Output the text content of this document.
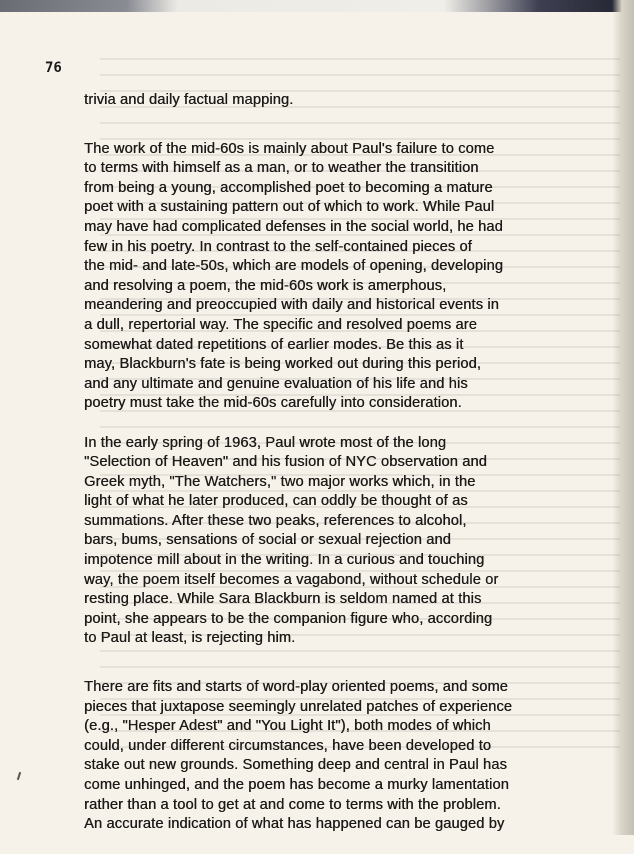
76

trivia and daily factual mapping.

The work of the mid-60s is mainly about Paul's failure to come
to terms with himself as a man, or to weather the transitition
from being a young, accomplished poet to becoming a mature
poet with a sustaining pattern out of which to work. While Paul
may have had complicated defenses in the social world, he had
few in his poetry. In contrast to the self-contained pieces of
the mid- and late-50s, which are models of opening, developing
and resolving a poem, the mid-60s work is amerphous,
meandering and preoccupied with daily and historical events in
a dull, repertorial way. The specific and resolved poems are
somewhat dated repetitions of earlier modes. Be this as it
may, Blackburn's fate is being worked out during this period,
and any ultimate and genuine evaluation of his life and his
poetry must take the mid-60s carefully into consideration.

In the early spring of 1963, Paul wrote most of the long
"Selection of Heaven" and his fusion of NYC observation and
Greek myth, "The Watchers," two major works which, in the
light of what he later produced, can oddly be thought of as
summations. After these two peaks, references to alcohol,
bars, bums, sensations of social or sexual rejection and
impotence mill about in the writing. In a curious and touching
way, the poem itself becomes a vagabond, without schedule or
resting place. While Sara Blackburn is seldom named at this
point, she appears to be the companion figure who, according
to Paul at least, is rejecting him.

There are fits and starts of word-play oriented poems, and some
pieces that juxtapose seemingly unrelated patches of experience
(e.g., "Hesper Adest" and "You Light It"), both modes of which
could, under different circumstances, have been developed to
stake out new grounds. Something deep and central in Paul has
come unhinged, and the poem has become a murky lamentation
rather than a tool to get at and come to terms with the problem.
An accurate indication of what has happened can be gauged by
